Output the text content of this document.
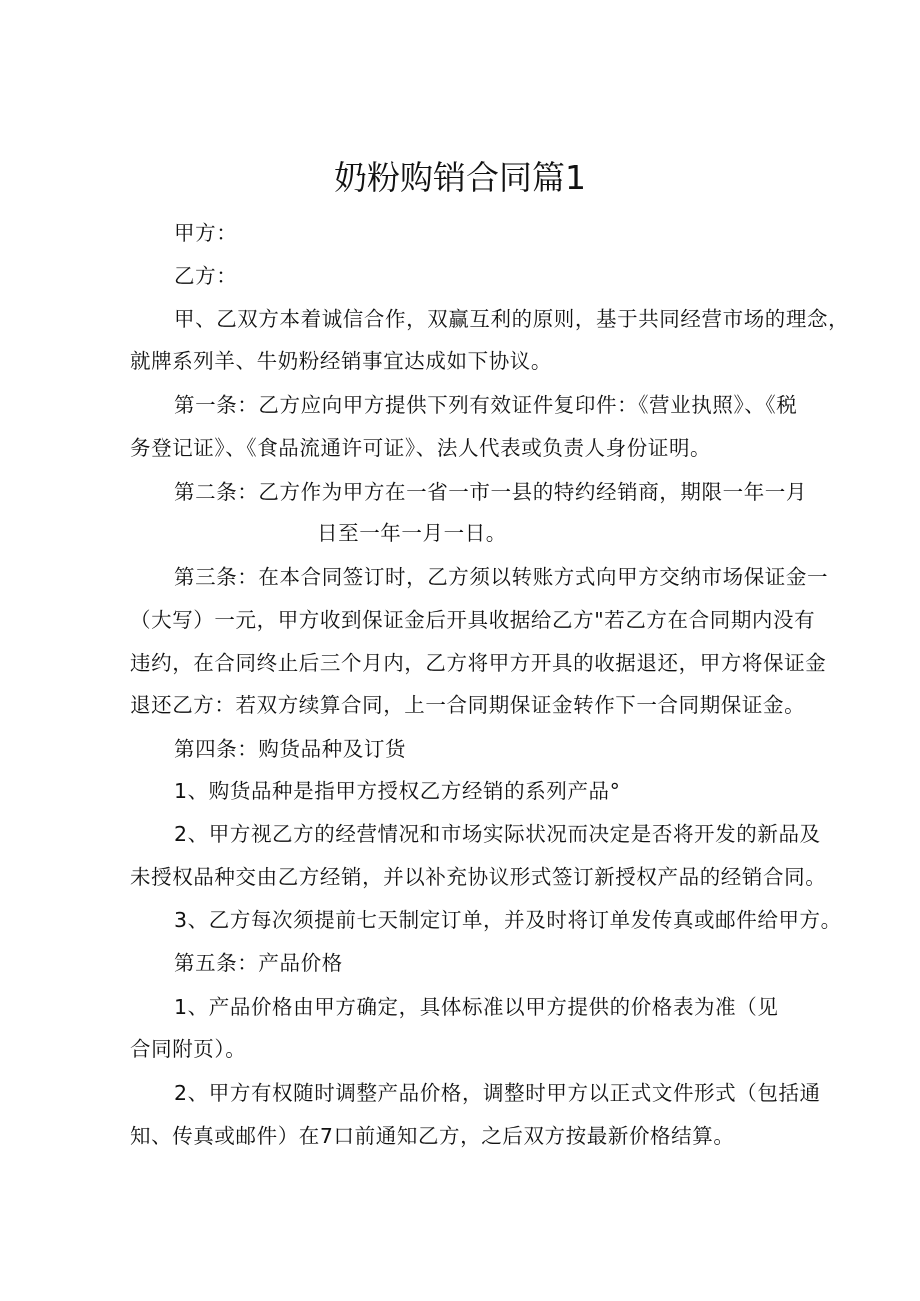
奶粉购销合同篇1
甲方：
乙方：
甲、乙双方本着诚信合作，双赢互利的原则，基于共同经营市场的理念，
就牌系列羊、牛奶粉经销事宜达成如下协议。
第一条：乙方应向甲方提供下列有效证件复印件：《营业执照》、《税
务登记证》、《食品流通许可证》、法人代表或负责人身份证明。
第二条：乙方作为甲方在一省一市一县的特约经销商，期限一年一月
日至一年一月一日。
第三条：在本合同签订时，乙方须以转账方式向甲方交纳市场保证金一
（大写）一元，甲方收到保证金后开具收据给乙方"若乙方在合同期内没有
违约，在合同终止后三个月内，乙方将甲方开具的收据退还，甲方将保证金
退还乙方：若双方续算合同，上一合同期保证金转作下一合同期保证金。
第四条：购货品种及订货
1、购货品种是指甲方授权乙方经销的系列产品°
2、甲方视乙方的经营情况和市场实际状况而决定是否将开发的新品及
未授权品种交由乙方经销，并以补充协议形式签订新授权产品的经销合同。
3、乙方每次须提前七天制定订单，并及时将订单发传真或邮件给甲方。
第五条：产品价格
1、产品价格由甲方确定，具体标准以甲方提供的价格表为准（见
合同附页）。
2、甲方有权随时调整产品价格，调整时甲方以正式文件形式（包括通
知、传真或邮件）在7口前通知乙方，之后双方按最新价格结算。
